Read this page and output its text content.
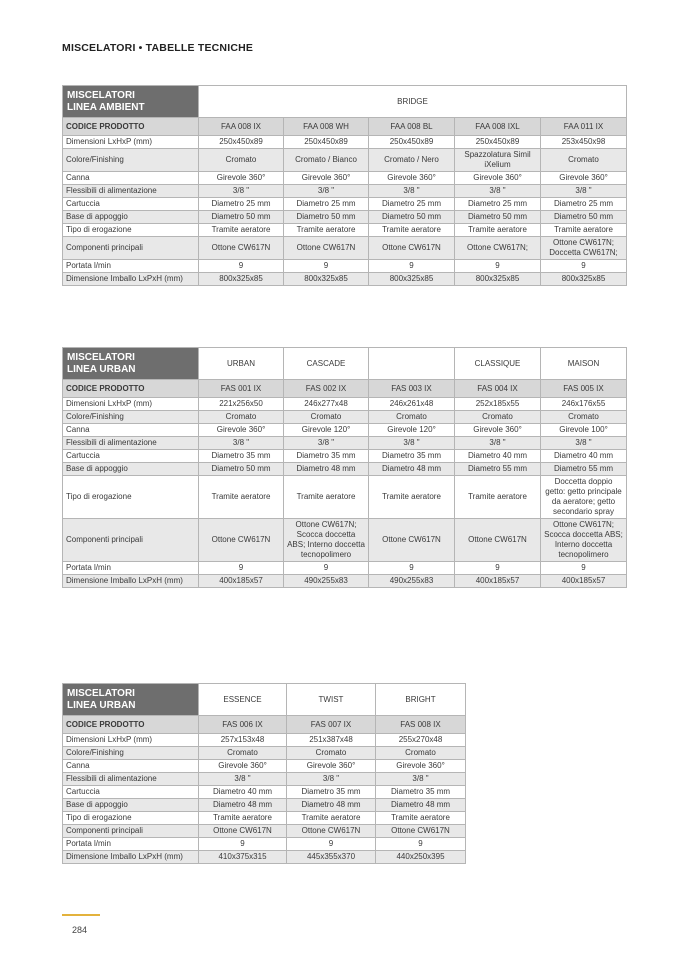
MISCELATORI • TABELLE TECNICHE
MISCELATORI
LINEA AMBIENT	BRIDGE				
CODICE PRODOTTO	FAA 008 IX	FAA 008 WH	FAA 008 BL	FAA 008 IXL	FAA 011 IX
Dimensioni LxHxP (mm)	250x450x89	250x450x89	250x450x89	250x450x89	253x450x98
Colore/Finishing	Cromato	Cromato / Bianco	Cromato / Nero	Spazzolatura Simil iXelium	Cromato
Canna	Girevole 360°	Girevole 360°	Girevole 360°	Girevole 360°	Girevole 360°
Flessibili di alimentazione	3/8 "	3/8 "	3/8 "	3/8 "	3/8 "
Cartuccia	Diametro 25 mm	Diametro 25 mm	Diametro 25 mm	Diametro 25 mm	Diametro 25 mm
Base di appoggio	Diametro 50 mm	Diametro 50 mm	Diametro 50 mm	Diametro 50 mm	Diametro 50 mm
Tipo di erogazione	Tramite aeratore	Tramite aeratore	Tramite aeratore	Tramite aeratore	Tramite aeratore
Componenti principali	Ottone CW617N	Ottone CW617N	Ottone CW617N	Ottone CW617N;	Ottone CW617N; Doccetta CW617N;
Portata l/min	9	9	9	9	9
Dimensione Imballo LxPxH (mm)	800x325x85	800x325x85	800x325x85	800x325x85	800x325x85
MISCELATORI
LINEA URBAN	URBAN	CASCADE		CLASSIQUE	MAISON
CODICE PRODOTTO	FAS 001 IX	FAS 002 IX	FAS 003 IX	FAS 004 IX	FAS 005 IX
Dimensioni LxHxP (mm)	221x256x50	246x277x48	246x261x48	252x185x55	246x176x55
Colore/Finishing	Cromato	Cromato	Cromato	Cromato	Cromato
Canna	Girevole 360°	Girevole 120°	Girevole 120°	Girevole 360°	Girevole 100°
Flessibili di alimentazione	3/8 "	3/8 "	3/8 "	3/8 "	3/8 "
Cartuccia	Diametro 35 mm	Diametro 35 mm	Diametro 35 mm	Diametro 40 mm	Diametro 40 mm
Base di appoggio	Diametro 50 mm	Diametro 48 mm	Diametro 48 mm	Diametro 55 mm	Diametro 55 mm
Tipo di erogazione	Tramite aeratore	Tramite aeratore	Tramite aeratore	Tramite aeratore	Doccetta doppio getto: getto principale da aeratore; getto secondario spray
Componenti principali	Ottone CW617N	Ottone CW617N; Scocca doccetta ABS; Interno doccetta tecnopolimero	Ottone CW617N	Ottone CW617N	Ottone CW617N; Scocca doccetta ABS; Interno doccetta tecnopolimero
Portata l/min	9	9	9	9	9
Dimensione Imballo LxPxH (mm)	400x185x57	490x255x83	490x255x83	400x185x57	400x185x57
MISCELATORI
LINEA URBAN	ESSENCE	TWIST	BRIGHT
CODICE PRODOTTO	FAS 006 IX	FAS 007 IX	FAS 008 IX
Dimensioni LxHxP (mm)	257x153x48	251x387x48	255x270x48
Colore/Finishing	Cromato	Cromato	Cromato
Canna	Girevole 360°	Girevole 360°	Girevole 360°
Flessibili di alimentazione	3/8 "	3/8 "	3/8 "
Cartuccia	Diametro 40 mm	Diametro 35 mm	Diametro 35 mm
Base di appoggio	Diametro 48 mm	Diametro 48 mm	Diametro 48 mm
Tipo di erogazione	Tramite aeratore	Tramite aeratore	Tramite aeratore
Componenti principali	Ottone CW617N	Ottone CW617N	Ottone CW617N
Portata l/min	9	9	9
Dimensione Imballo LxPxH (mm)	410x375x315	445x355x370	440x250x395
284
